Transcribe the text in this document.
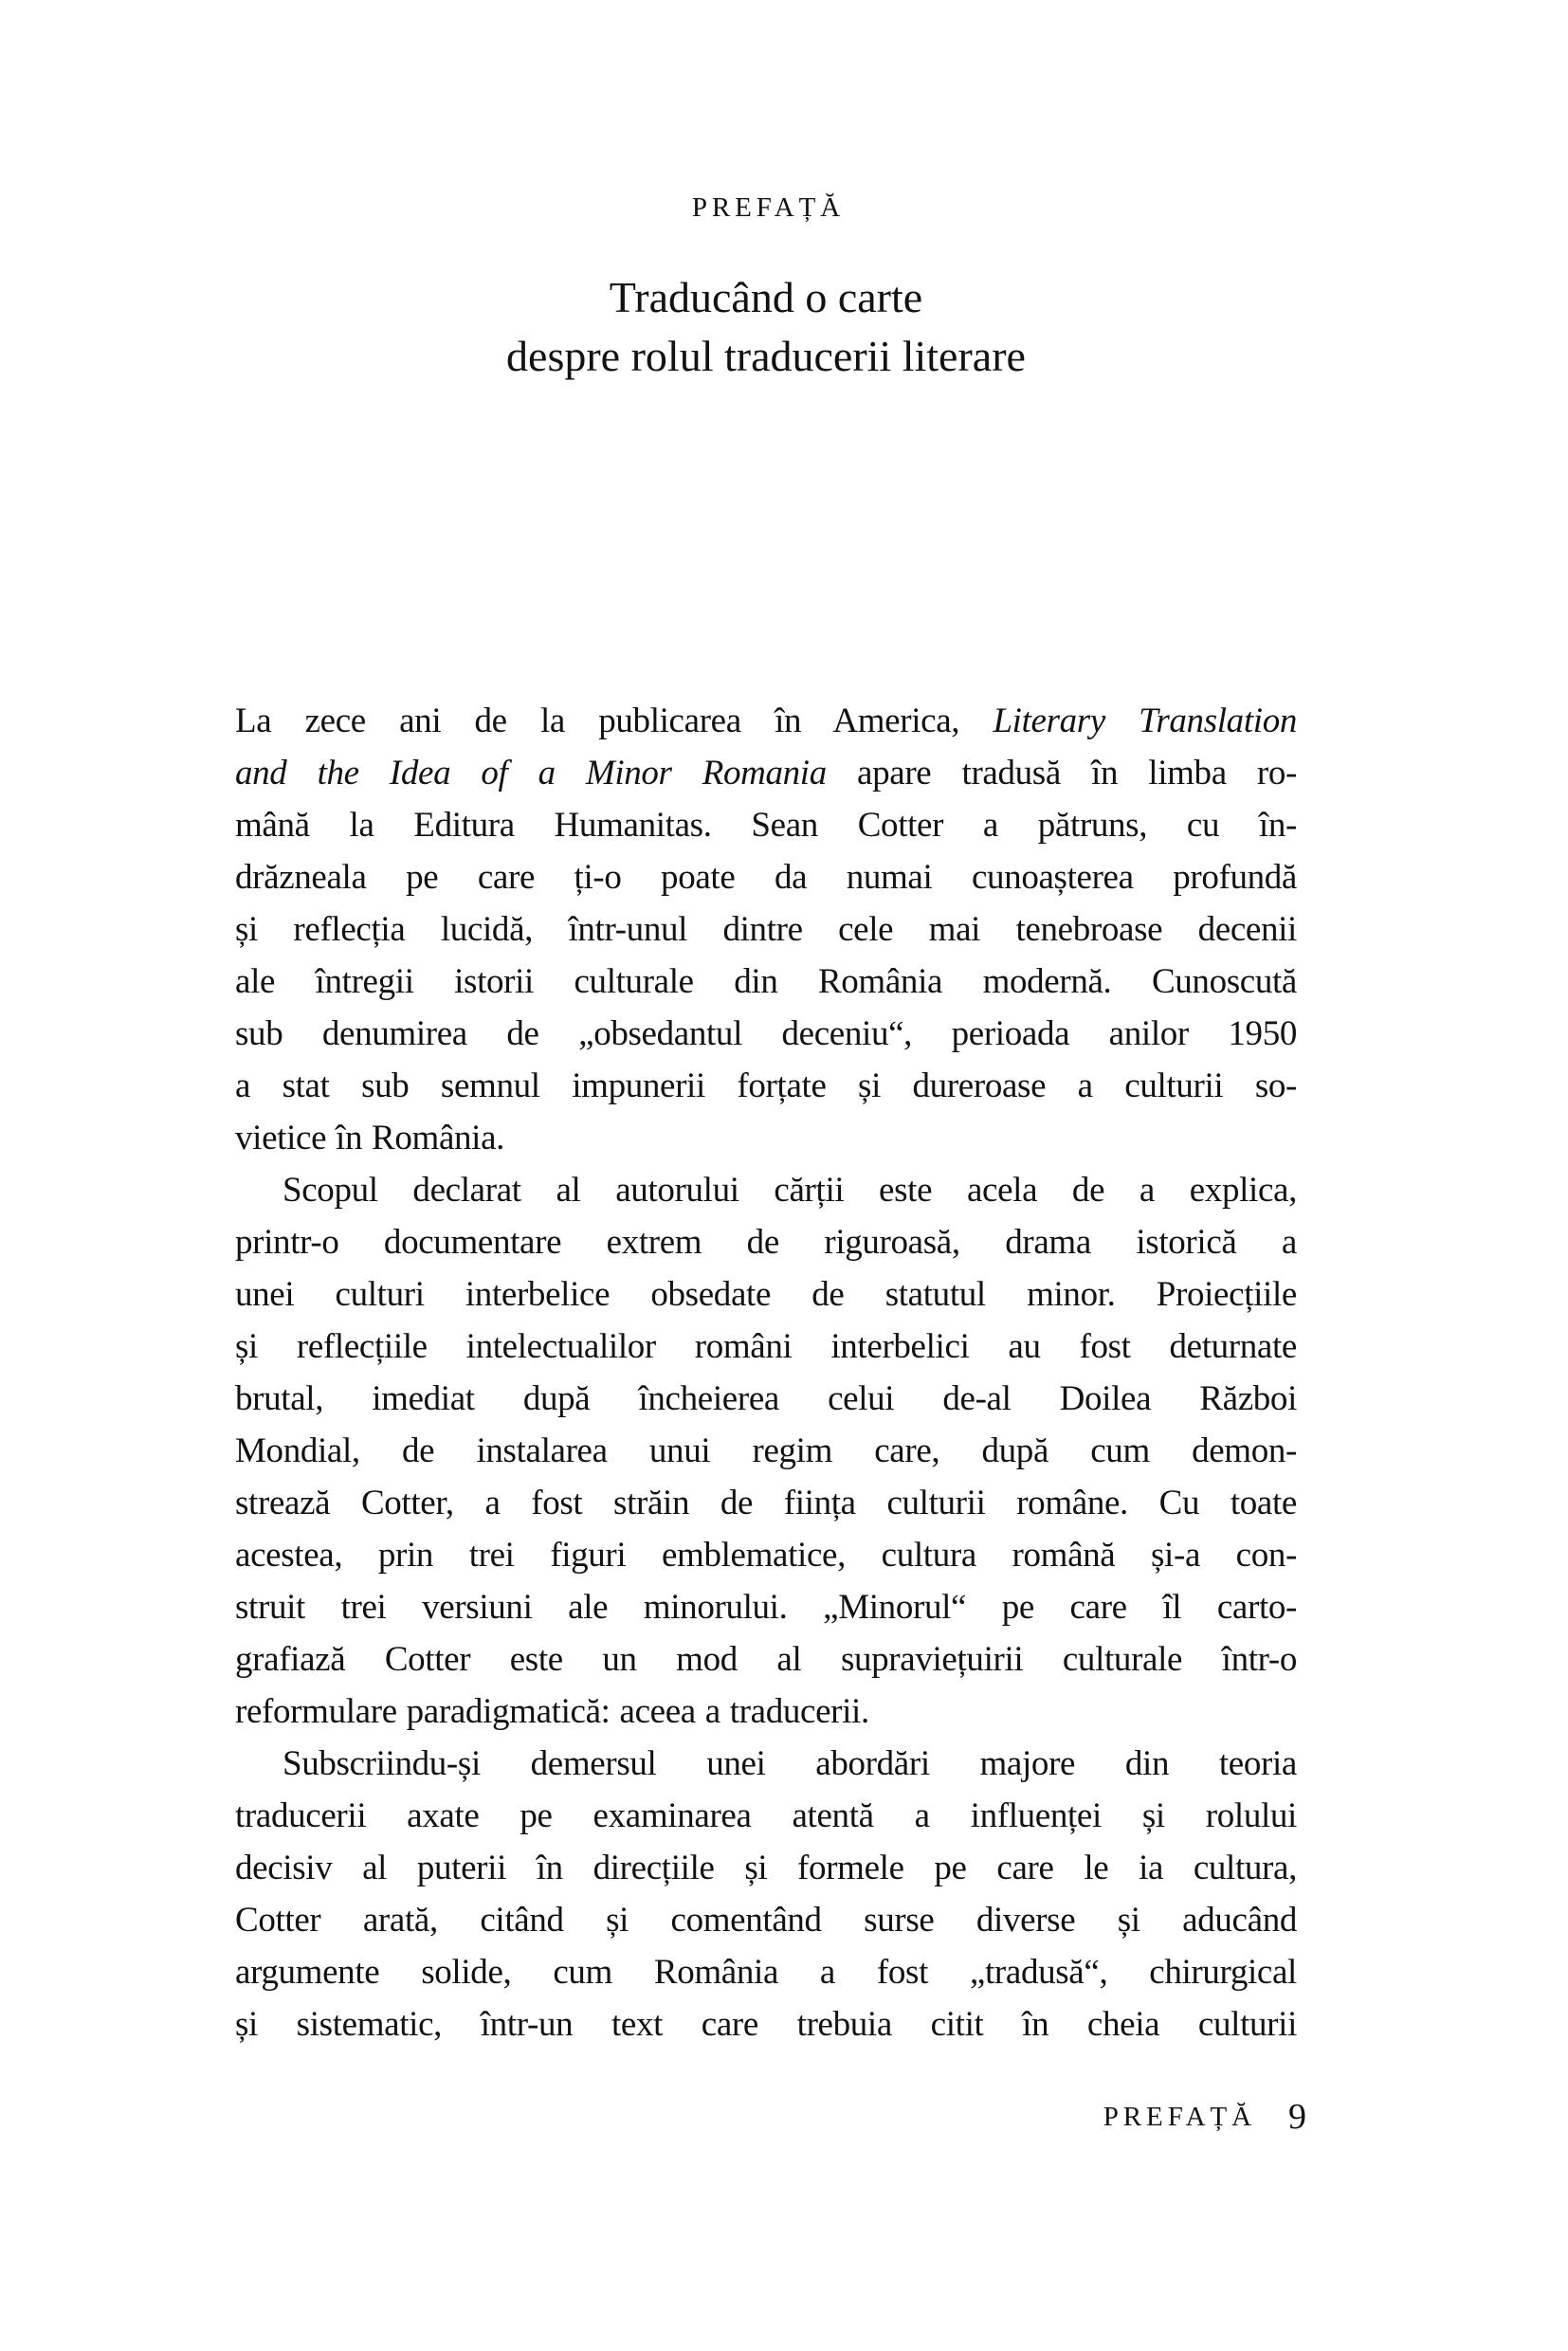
PREFAȚĂ
Traducând o carte
despre rolul traducerii literare
La zece ani de la publicarea în America, Literary Translation
and the Idea of a Minor Romania apare tradusă în limba ro-
mână la Editura Humanitas. Sean Cotter a pătruns, cu în-
drăzneala pe care ți-o poate da numai cunoașterea profundă
și reflecția lucidă, într-unul dintre cele mai tenebroase decenii
ale întregii istorii culturale din România modernă. Cunoscută
sub denumirea de „obsedantul deceniu“, perioada anilor 1950
a stat sub semnul impunerii forțate și dureroase a culturii so-
vietice în România.
Scopul declarat al autorului cărții este acela de a explica,
printr-o documentare extrem de riguroasă, drama istorică a
unei culturi interbelice obsedate de statutul minor. Proiecțiile
și reflecțiile intelectualilor români interbelici au fost deturnate
brutal, imediat după încheierea celui de-al Doilea Război
Mondial, de instalarea unui regim care, după cum demon-
strează Cotter, a fost străin de ființa culturii române. Cu toate
acestea, prin trei figuri emblematice, cultura română și-a con-
struit trei versiuni ale minorului. „Minorul“ pe care îl carto-
grafiază Cotter este un mod al supraviețuirii culturale într-o
reformulare paradigmatică: aceea a traducerii.
Subscriindu-și demersul unei abordări majore din teoria
traducerii axate pe examinarea atentă a influenței și rolului
decisiv al puterii în direcțiile și formele pe care le ia cultura,
Cotter arată, citând și comentând surse diverse și aducând
argumente solide, cum România a fost „tradusă“, chirurgical
și sistematic, într-un text care trebuia citit în cheia culturii
PREFAȚĂ 9
